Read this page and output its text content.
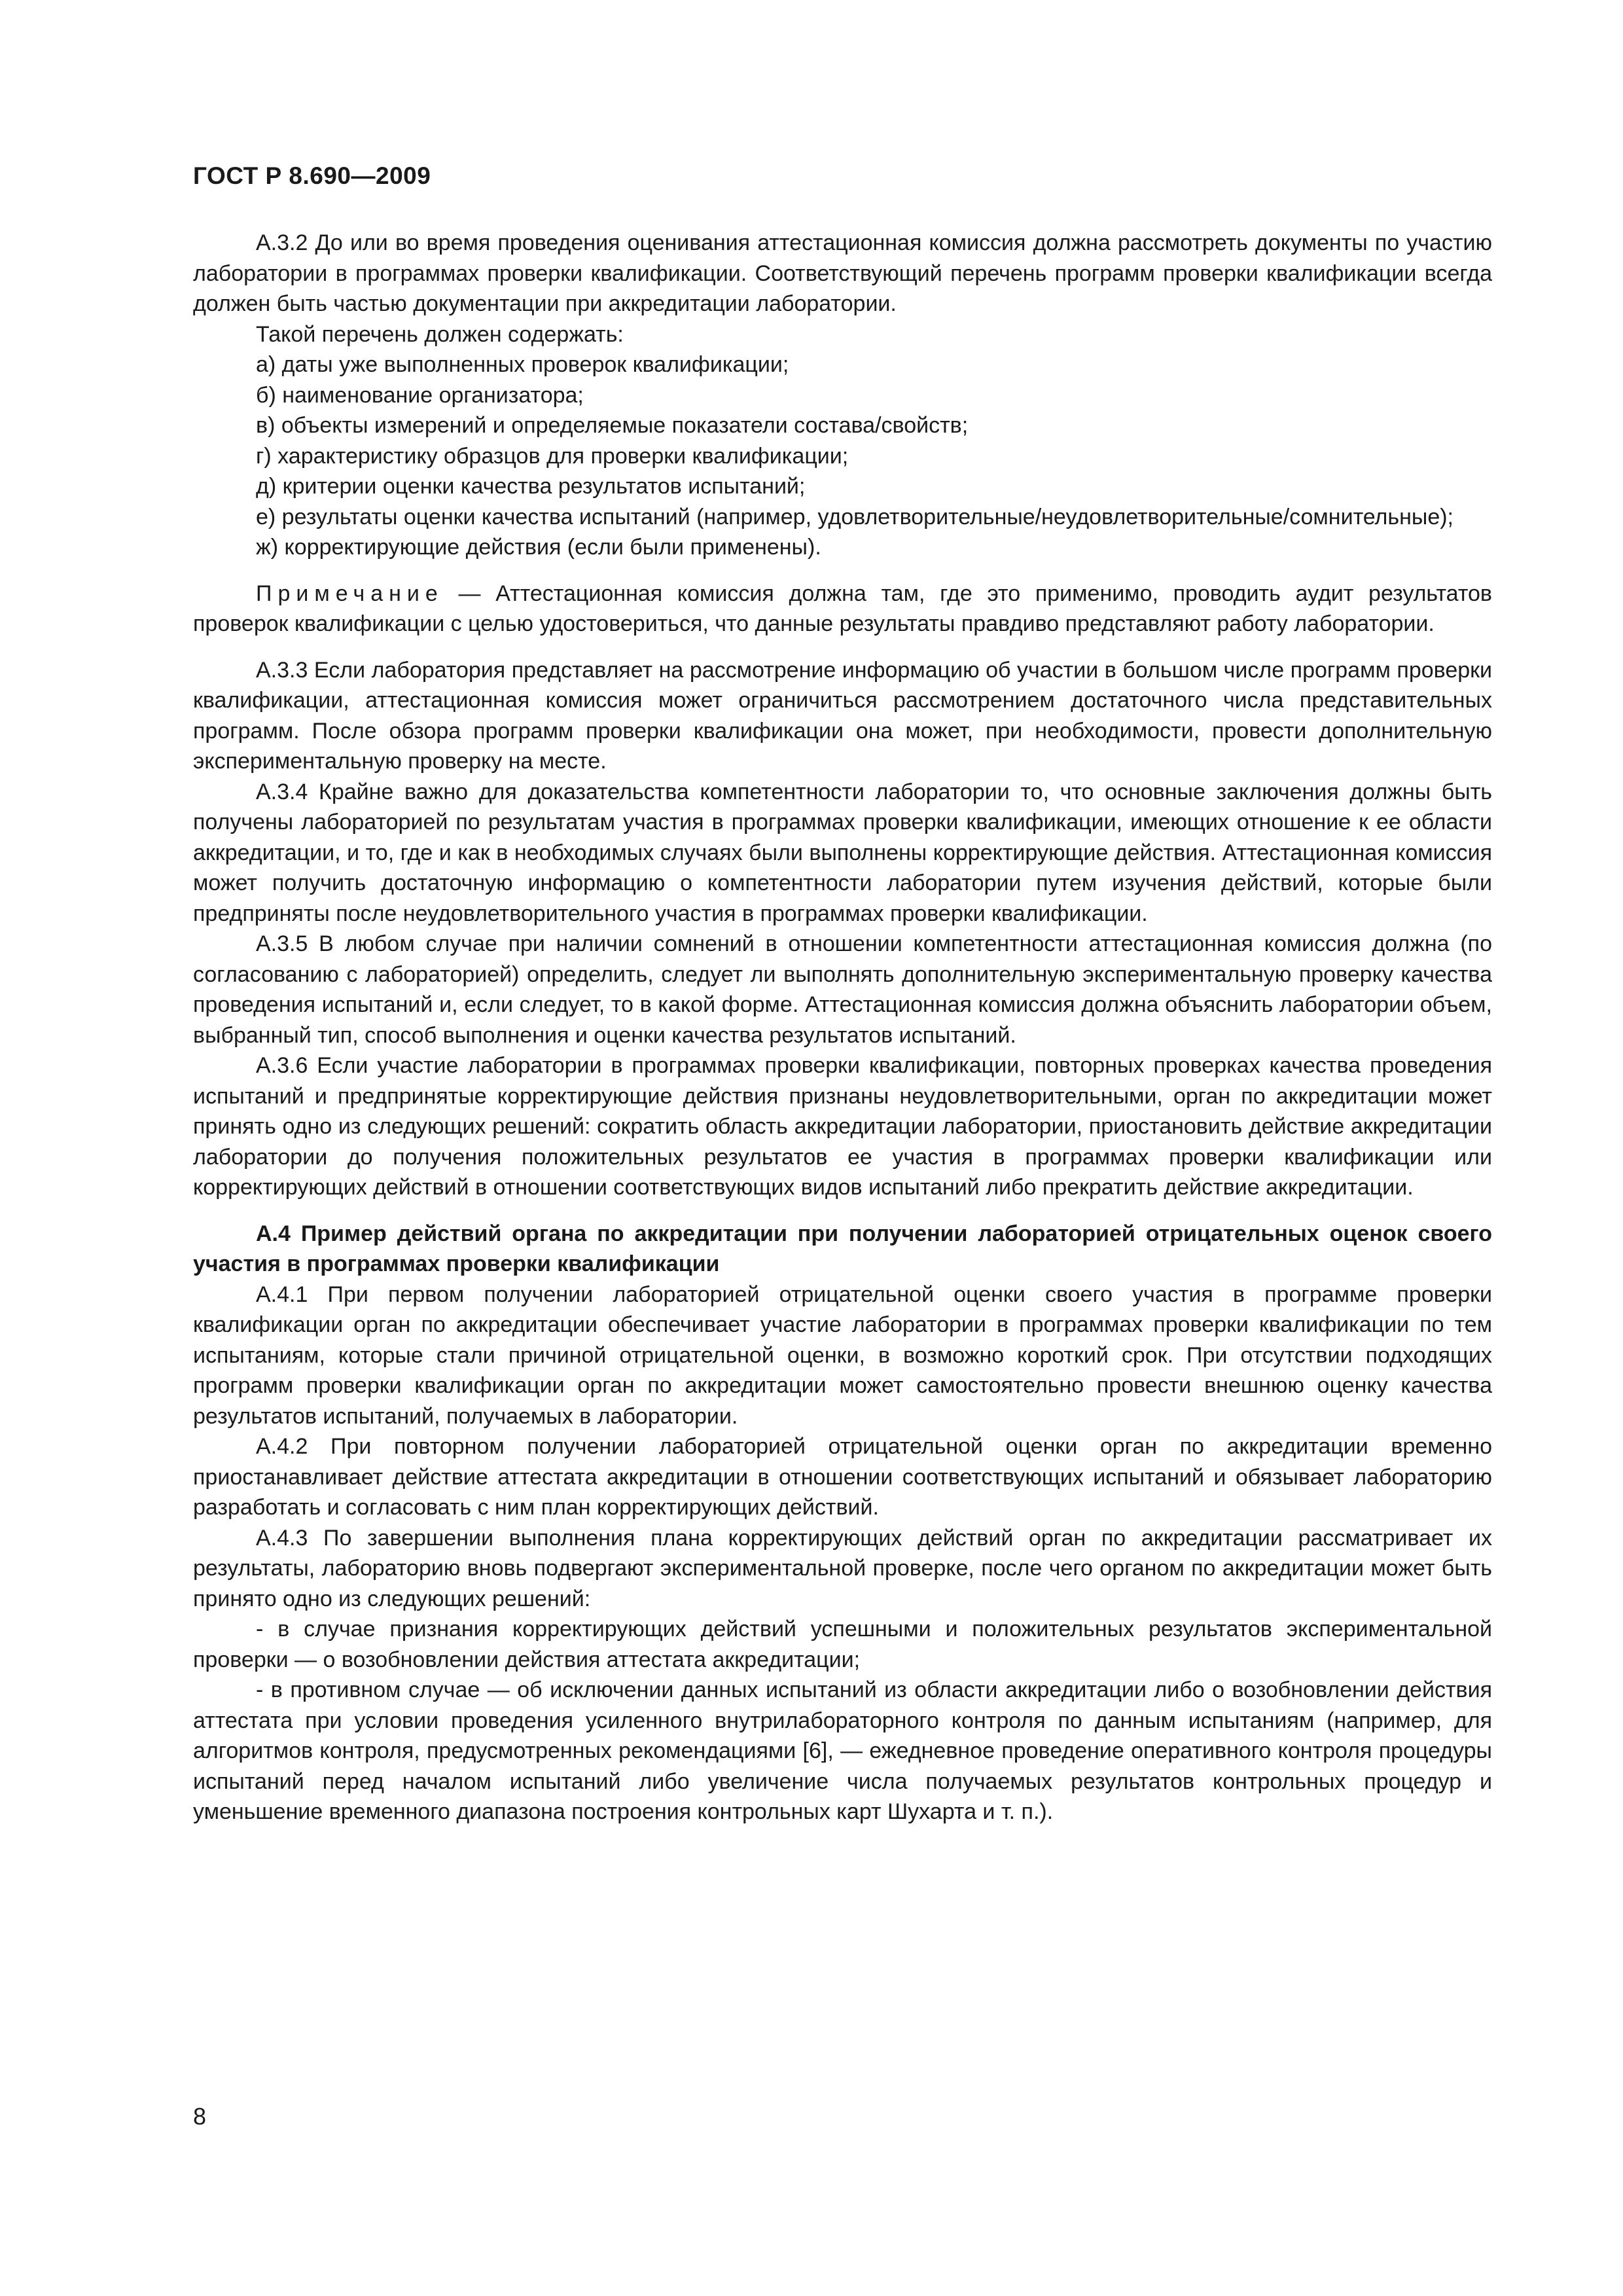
ГОСТ Р 8.690—2009

А.3.2 До или во время проведения оценивания аттестационная комиссия должна рассмотреть документы по участию лаборатории в программах проверки квалификации. Соответствующий перечень программ проверки квалификации всегда должен быть частью документации при аккредитации лаборатории.

Такой перечень должен содержать:

а) даты уже выполненных проверок квалификации;

б) наименование организатора;

в) объекты измерений и определяемые показатели состава/свойств;

г) характеристику образцов для проверки квалификации;

д) критерии оценки качества результатов испытаний;

е) результаты оценки качества испытаний (например, удовлетворительные/неудовлетворительные/сомнительные);

ж) корректирующие действия (если были применены).

Примечание — Аттестационная комиссия должна там, где это применимо, проводить аудит результатов проверок квалификации с целью удостовериться, что данные результаты правдиво представляют работу лаборатории.

А.3.3 Если лаборатория представляет на рассмотрение информацию об участии в большом числе программ проверки квалификации, аттестационная комиссия может ограничиться рассмотрением достаточного числа представительных программ. После обзора программ проверки квалификации она может, при необходимости, провести дополнительную экспериментальную проверку на месте.

А.3.4 Крайне важно для доказательства компетентности лаборатории то, что основные заключения должны быть получены лабораторией по результатам участия в программах проверки квалификации, имеющих отношение к ее области аккредитации, и то, где и как в необходимых случаях были выполнены корректирующие действия. Аттестационная комиссия может получить достаточную информацию о компетентности лаборатории путем изучения действий, которые были предприняты после неудовлетворительного участия в программах проверки квалификации.

А.3.5 В любом случае при наличии сомнений в отношении компетентности аттестационная комиссия должна (по согласованию с лабораторией) определить, следует ли выполнять дополнительную экспериментальную проверку качества проведения испытаний и, если следует, то в какой форме. Аттестационная комиссия должна объяснить лаборатории объем, выбранный тип, способ выполнения и оценки качества результатов испытаний.

А.3.6 Если участие лаборатории в программах проверки квалификации, повторных проверках качества проведения испытаний и предпринятые корректирующие действия признаны неудовлетворительными, орган по аккредитации может принять одно из следующих решений: сократить область аккредитации лаборатории, приостановить действие аккредитации лаборатории до получения положительных результатов ее участия в программах проверки квалификации или корректирующих действий в отношении соответствующих видов испытаний либо прекратить действие аккредитации.

А.4 Пример действий органа по аккредитации при получении лабораторией отрицательных оценок своего участия в программах проверки квалификации

А.4.1 При первом получении лабораторией отрицательной оценки своего участия в программе проверки квалификации орган по аккредитации обеспечивает участие лаборатории в программах проверки квалификации по тем испытаниям, которые стали причиной отрицательной оценки, в возможно короткий срок. При отсутствии подходящих программ проверки квалификации орган по аккредитации может самостоятельно провести внешнюю оценку качества результатов испытаний, получаемых в лаборатории.

А.4.2 При повторном получении лабораторией отрицательной оценки орган по аккредитации временно приостанавливает действие аттестата аккредитации в отношении соответствующих испытаний и обязывает лабораторию разработать и согласовать с ним план корректирующих действий.

А.4.3 По завершении выполнения плана корректирующих действий орган по аккредитации рассматривает их результаты, лабораторию вновь подвергают экспериментальной проверке, после чего органом по аккредитации может быть принято одно из следующих решений:

- в случае признания корректирующих действий успешными и положительных результатов экспериментальной проверки — о возобновлении действия аттестата аккредитации;

- в противном случае — об исключении данных испытаний из области аккредитации либо о возобновлении действия аттестата при условии проведения усиленного внутрилабораторного контроля по данным испытаниям (например, для алгоритмов контроля, предусмотренных рекомендациями [6], — ежедневное проведение оперативного контроля процедуры испытаний перед началом испытаний либо увеличение числа получаемых результатов контрольных процедур и уменьшение временного диапазона построения контрольных карт Шухарта и т. п.).

8
